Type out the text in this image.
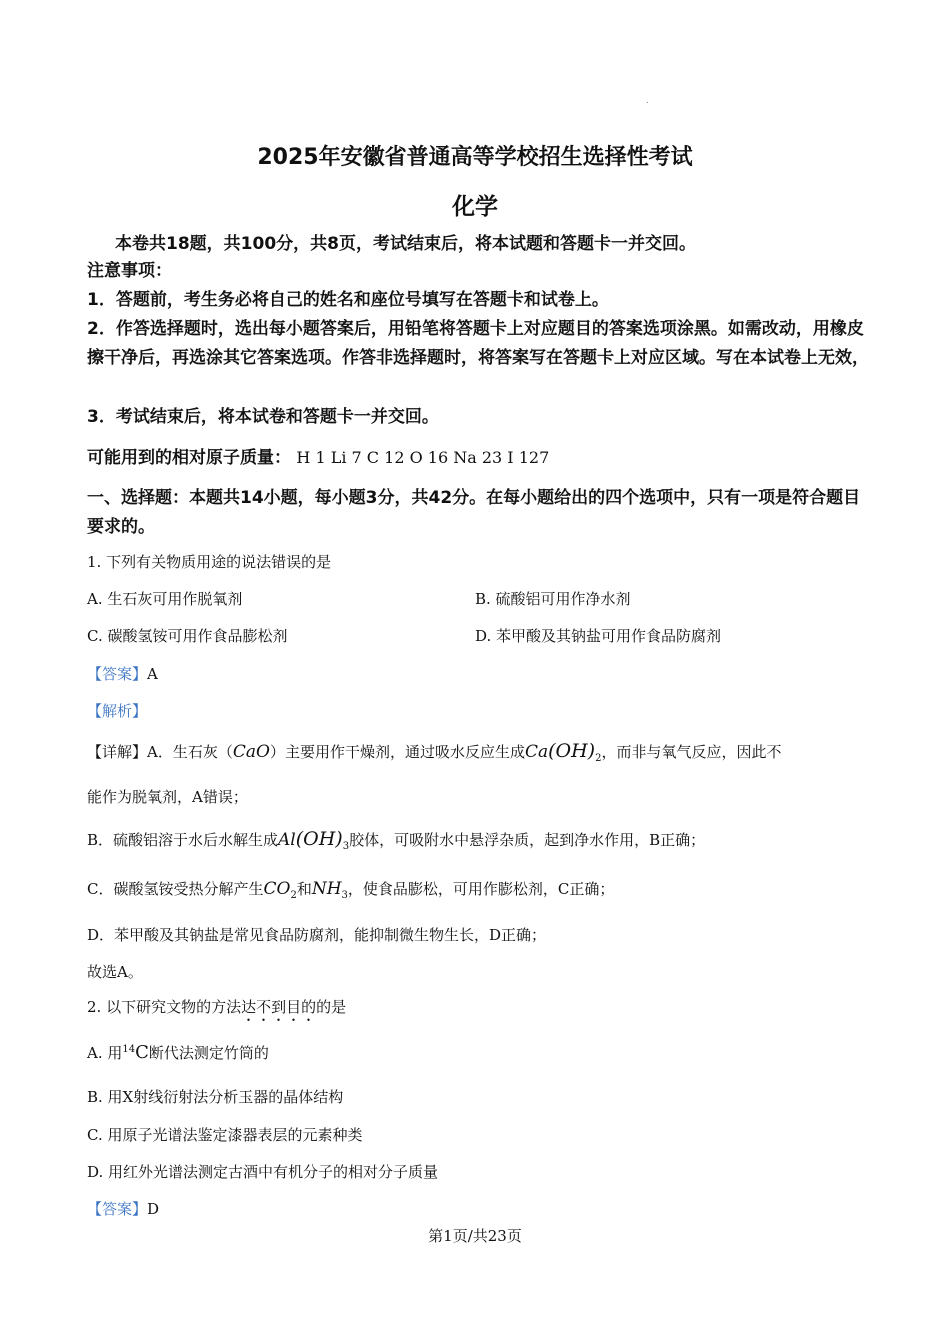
.
2025年安徽省普通高等学校招生选择性考试
化学
本卷共18题，共100分，共8页，考试结束后，将本试题和答题卡一并交回。
注意事项：
1．答题前，考生务必将自己的姓名和座位号填写在答题卡和试卷上。
2．作答选择题时，选出每小题答案后，用铅笔将答题卡上对应题目的答案选项涂黑。如需改动，用橡皮擦干净后，再选涂其它答案选项。作答非选择题时，将答案写在答题卡上对应区域。写在本试卷上无效，
3．考试结束后，将本试卷和答题卡一并交回。
可能用到的相对原子质量： H 1 Li 7 C 12 O 16 Na 23 I 127
一、选择题：本题共14小题，每小题3分，共42分。在每小题给出的四个选项中，只有一项是符合题目要求的。
1. 下列有关物质用途的说法错误的是
A. 生石灰可用作脱氧剂	B. 硫酸铝可用作净水剂
C. 碳酸氢铵可用作食品膨松剂	D. 苯甲酸及其钠盐可用作食品防腐剂
【答案】A
【解析】
【详解】A．生石灰（CaO）主要用作干燥剂，通过吸水反应生成$Ca(OH)_2$，而非与氧气反应，因此不
能作为脱氧剂，A错误；
B．硫酸铝溶于水后水解生成$Al(OH)_3$胶体，可吸附水中悬浮杂质，起到净水作用，B正确；
C．碳酸氢铵受热分解产生$CO_2$和$NH_3$，使食品膨松，可用作膨松剂，C正确；
D．苯甲酸及其钠盐是常见食品防腐剂，能抑制微生物生长，D正确；
故选A。
2. 以下研究文物的方法达不到目的的是
A. 用$^{14}$C断代法测定竹筒的
B. 用X射线衍射法分析玉器的晶体结构
C. 用原子光谱法鉴定漆器表层的元素种类
D. 用红外光谱法测定古酒中有机分子的相对分子质量
【答案】D
第1页/共23页
